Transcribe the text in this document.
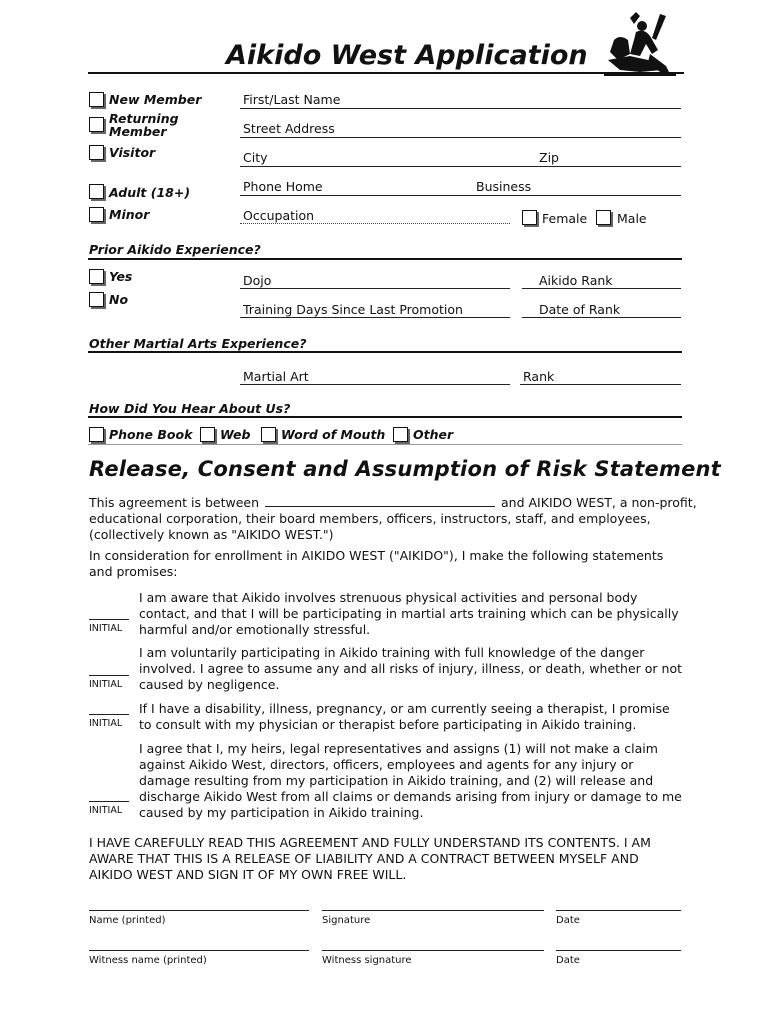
Aikido West Application
New Member
Returning
Member
Visitor
Adult (18+)
Minor
First/Last Name
Street Address
City	Zip
Phone Home	Business
Occupation	Female Male
Prior Aikido Experience?
Yes
No
Dojo	Aikido Rank
Training Days Since Last Promotion	Date of Rank
Other Martial Arts Experience?
Martial Art	Rank
How Did You Hear About Us?
Phone Book Web Word of Mouth Other
Release, Consent and Assumption of Risk Statement
This agreement is between	and AIKIDO WEST, a non-profit,
educational corporation, their board members, officers, instructors, staff, and employees, (collectively known as "AIKIDO WEST.")
In consideration for enrollment in AIKIDO WEST ("AIKIDO"), I make the following statements and promises:
I am aware that Aikido involves strenuous physical activities and personal body contact, and that I will be participating in martial arts training which can be physically harmful and/or emotionally stressful.
INITIAL
I am voluntarily participating in Aikido training with full knowledge of the danger involved. I agree to assume any and all risks of injury, illness, or death, whether or not caused by negligence.
INITIAL
If I have a disability, illness, pregnancy, or am currently seeing a therapist, I promise to consult with my physician or therapist before participating in Aikido training.
INITIAL
I agree that I, my heirs, legal representatives and assigns (1) will not make a claim against Aikido West, directors, officers, employees and agents for any injury or damage resulting from my participation in Aikido training, and (2) will release and discharge Aikido West from all claims or demands arising from injury or damage to me caused by my participation in Aikido training.
INITIAL
I HAVE CAREFULLY READ THIS AGREEMENT AND FULLY UNDERSTAND ITS CONTENTS. I AM AWARE THAT THIS IS A RELEASE OF LIABILITY AND A CONTRACT BETWEEN MYSELF AND AIKIDO WEST AND SIGN IT OF MY OWN FREE WILL.
Name (printed)	Signature	Date
Witness name (printed)	Witness signature	Date
